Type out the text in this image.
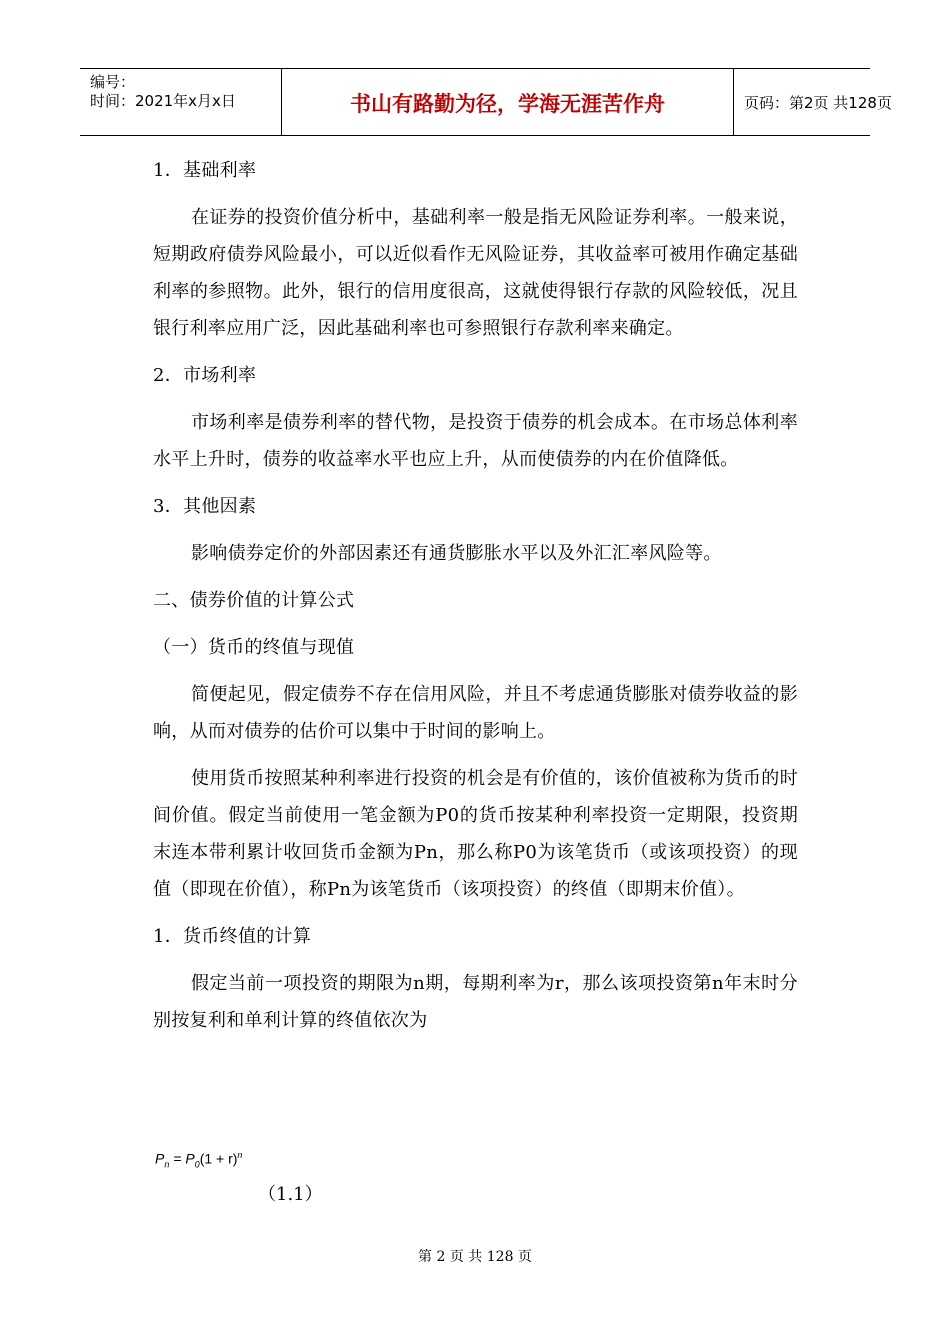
编号：
时间：2021年x月x日	书山有路勤为径，学海无涯苦作舟	页码：第2页 共128页

1．基础利率

在证券的投资价值分析中，基础利率一般是指无风险证券利率。一般来说，短期政府债券风险最小，可以近似看作无风险证券，其收益率可被用作确定基础利率的参照物。此外，银行的信用度很高，这就使得银行存款的风险较低，况且银行利率应用广泛，因此基础利率也可参照银行存款利率来确定。

2．市场利率

市场利率是债券利率的替代物，是投资于债券的机会成本。在市场总体利率水平上升时，债券的收益率水平也应上升，从而使债券的内在价值降低。

3．其他因素

影响债券定价的外部因素还有通货膨胀水平以及外汇汇率风险等。

二、债券价值的计算公式

（一）货币的终值与现值

简便起见，假定债券不存在信用风险，并且不考虑通货膨胀对债券收益的影响，从而对债券的估价可以集中于时间的影响上。

使用货币按照某种利率进行投资的机会是有价值的，该价值被称为货币的时间价值。假定当前使用一笔金额为P0的货币按某种利率投资一定期限，投资期末连本带利累计收回货币金额为Pn，那么称P0为该笔货币（或该项投资）的现值（即现在价值），称Pn为该笔货币（该项投资）的终值（即期末价值）。

1．货币终值的计算

假定当前一项投资的期限为n期，每期利率为r，那么该项投资第n年末时分别按复利和单利计算的终值依次为

$P_n = P_0(1 + r)^n$
（1.1）
第 2 页 共 128 页
